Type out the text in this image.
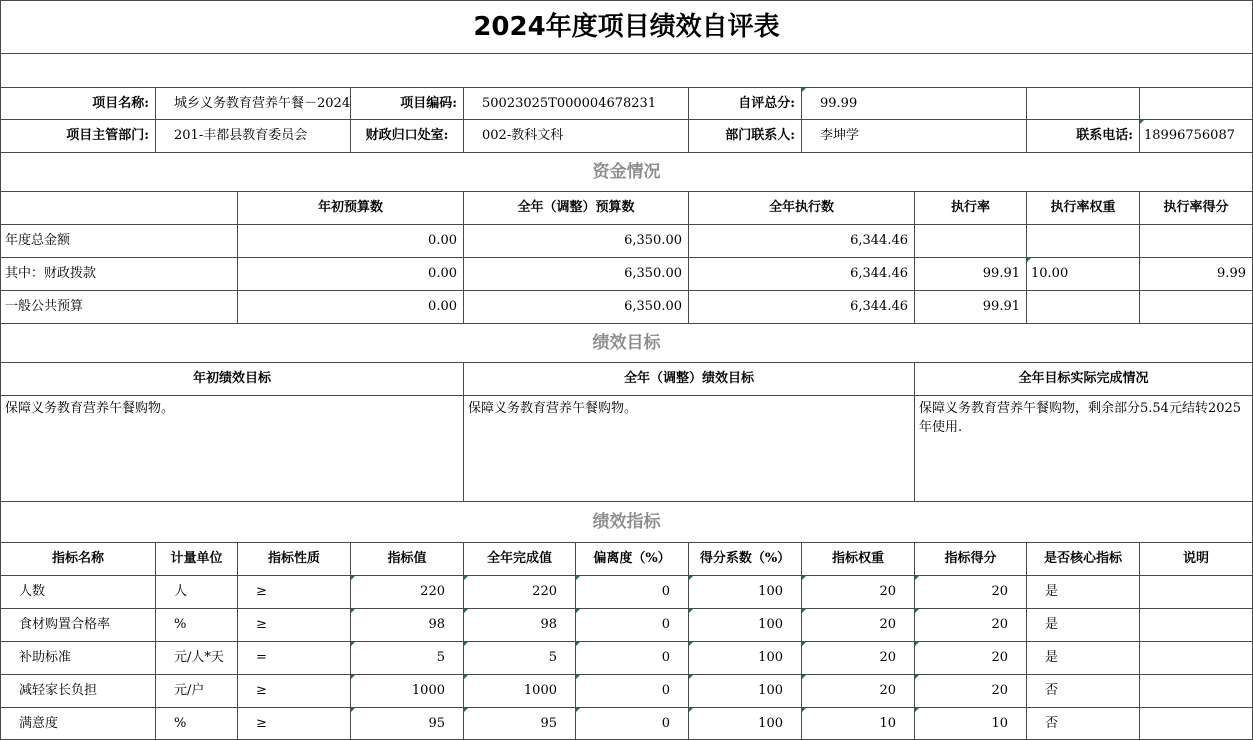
2024年度项目绩效自评表
项目名称:	城乡义务教育营养午餐－2024	项目编码:	50023025T000004678231	自评总分:	99.99
项目主管部门:	201-丰都县教育委员会	财政归口处室:	002-教科文科	部门联系人:	李坤学	联系电话: 18996756087
资金情况
年初预算数	全年（调整）预算数	全年执行数	执行率	执行率权重	执行率得分
年度总金额	0.00	6,350.00	6,344.46
其中：财政拨款	0.00	6,350.00	6,344.46	99.91 10.00	9.99
一般公共预算	0.00	6,350.00	6,344.46	99.91
绩效目标
年初绩效目标
保障义务教育营养午餐购物。
全年（调整）绩效目标
保障义务教育营养午餐购物。
全年目标实际完成情况
保障义务教育营养午餐购物，剩余部分5.54元结转2025年使用.
绩效指标
指标名称	计量单位	指标性质	指标值	全年完成值	偏离度（%）	得分系数（%）	指标权重	指标得分	是否核心指标	说明
人数	人	≥	220	220	0	100	20	20	是
食材购置合格率	%	≥	98	98	0	100	20	20	是
补助标准	元/人*天	=	5	5	0	100	20	20	是
减轻家长负担	元/户	≥	1000	1000	0	100	20	20	否
满意度	%	≥	95	95	0	100	10	10	否
